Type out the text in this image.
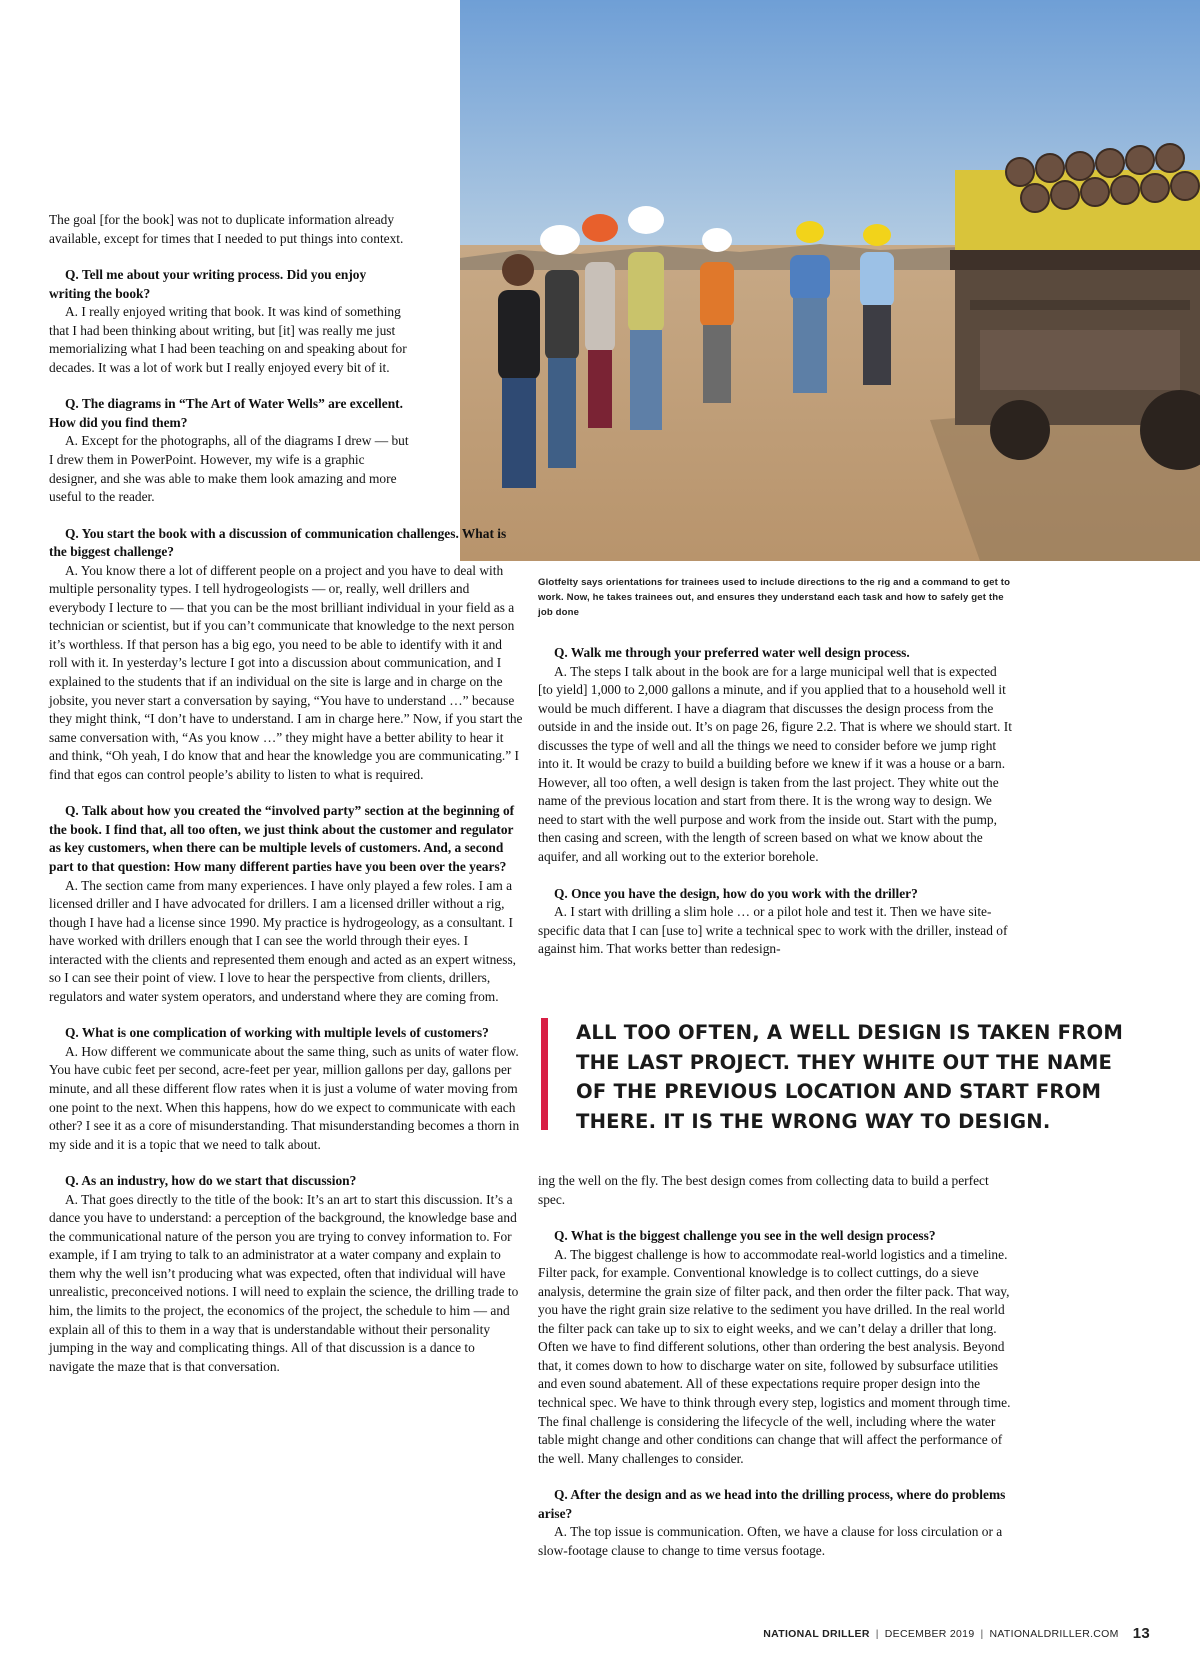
Glotfelty says orientations for trainees used to include directions to the rig and a command to get to work. Now, he takes trainees out, and ensures they understand each task and how to safely get the job done

The goal [for the book] was not to duplicate information already available, except for times that I needed to put things into context.

Q. Tell me about your writing process. Did you enjoy writing the book?
A. I really enjoyed writing that book. It was kind of something that I had been thinking about writing, but [it] was really me just memorializing what I had been teaching on and speaking about for decades. It was a lot of work but I really enjoyed every bit of it.

Q. The diagrams in “The Art of Water Wells” are excellent. How did you find them?
A. Except for the photographs, all of the diagrams I drew — but I drew them in PowerPoint. However, my wife is a graphic designer, and she was able to make them look amazing and more useful to the reader.

Q. You start the book with a discussion of communication challenges. What is the biggest challenge?
A. You know there a lot of different people on a project and you have to deal with multiple personality types. I tell hydrogeologists — or, really, well drillers and everybody I lecture to — that you can be the most brilliant individual in your field as a technician or scientist, but if you can’t communicate that knowledge to the next person it’s worthless. If that person has a big ego, you need to be able to identify with it and roll with it. In yesterday’s lecture I got into a discussion about communication, and I explained to the students that if an individual on the site is large and in charge on the jobsite, you never start a conversation by saying, “You have to understand …” because they might think, “I don’t have to understand. I am in charge here.” Now, if you start the same conversation with, “As you know …” they might have a better ability to hear it and think, “Oh yeah, I do know that and hear the knowledge you are communicating.” I find that egos can control people’s ability to listen to what is required.

Q. Talk about how you created the “involved party” section at the beginning of the book. I find that, all too often, we just think about the customer and regulator as key customers, when there can be multiple levels of customers. And, a second part to that question: How many different parties have you been over the years?
A. The section came from many experiences. I have only played a few roles. I am a licensed driller and I have advocated for drillers. I am a licensed driller without a rig, though I have had a license since 1990. My practice is hydrogeology, as a consultant. I have worked with drillers enough that I can see the world through their eyes. I interacted with the clients and represented them enough and acted as an expert witness, so I can see their point of view. I love to hear the perspective from clients, drillers, regulators and water system operators, and understand where they are coming from.

Q. What is one complication of working with multiple levels of customers?
A. How different we communicate about the same thing, such as units of water flow. You have cubic feet per second, acre-feet per year, million gallons per day, gallons per minute, and all these different flow rates when it is just a volume of water moving from one point to the next. When this happens, how do we expect to communicate with each other? I see it as a core of misunderstanding. That misunderstanding becomes a thorn in my side and it is a topic that we need to talk about.

Q. As an industry, how do we start that discussion?
A. That goes directly to the title of the book: It’s an art to start this discussion. It’s a dance you have to understand: a perception of the background, the knowledge base and the communicational nature of the person you are trying to convey information to. For example, if I am trying to talk to an administrator at a water company and explain to them why the well isn’t producing what was expected, often that individual will have unrealistic, preconceived notions. I will need to explain the science, the drilling trade to him, the limits to the project, the economics of the project, the schedule to him — and explain all of this to them in a way that is understandable without their personality jumping in the way and complicating things. All of that discussion is a dance to navigate the maze that is that conversation.

Q. Walk me through your preferred water well design process.
A. The steps I talk about in the book are for a large municipal well that is expected [to yield] 1,000 to 2,000 gallons a minute, and if you applied that to a household well it would be much different. I have a diagram that discusses the design process from the outside in and the inside out. It’s on page 26, figure 2.2. That is where we should start. It discusses the type of well and all the things we need to consider before we jump right into it. It would be crazy to build a building before we knew if it was a house or a barn. However, all too often, a well design is taken from the last project. They white out the name of the previous location and start from there. It is the wrong way to design. We need to start with the well purpose and work from the inside out. Start with the pump, then casing and screen, with the length of screen based on what we know about the aquifer, and all working out to the exterior borehole.

Q. Once you have the design, how do you work with the driller?
A. I start with drilling a slim hole … or a pilot hole and test it. Then we have site-specific data that I can [use to] write a technical spec to work with the driller, instead of against him. That works better than redesign-

ALL TOO OFTEN, A WELL DESIGN IS TAKEN FROM THE LAST PROJECT. THEY WHITE OUT THE NAME OF THE PREVIOUS LOCATION AND START FROM THERE. IT IS THE WRONG WAY TO DESIGN.

ing the well on the fly. The best design comes from collecting data to build a perfect spec.

Q. What is the biggest challenge you see in the well design process?
A. The biggest challenge is how to accommodate real-world logistics and a timeline. Filter pack, for example. Conventional knowledge is to collect cuttings, do a sieve analysis, determine the grain size of filter pack, and then order the filter pack. That way, you have the right grain size relative to the sediment you have drilled. In the real world the filter pack can take up to six to eight weeks, and we can’t delay a driller that long. Often we have to find different solutions, other than ordering the best analysis. Beyond that, it comes down to how to discharge water on site, followed by subsurface utilities and even sound abatement. All of these expectations require proper design into the technical spec. We have to think through every step, logistics and moment through time. The final challenge is considering the lifecycle of the well, including where the water table might change and other conditions can change that will affect the performance of the well. Many challenges to consider.

Q. After the design and as we head into the drilling process, where do problems arise?
A. The top issue is communication. Often, we have a clause for loss circulation or a slow-footage clause to change to time versus footage.

NATIONAL DRILLER | DECEMBER 2019 | NATIONALDRILLER.COM 13
